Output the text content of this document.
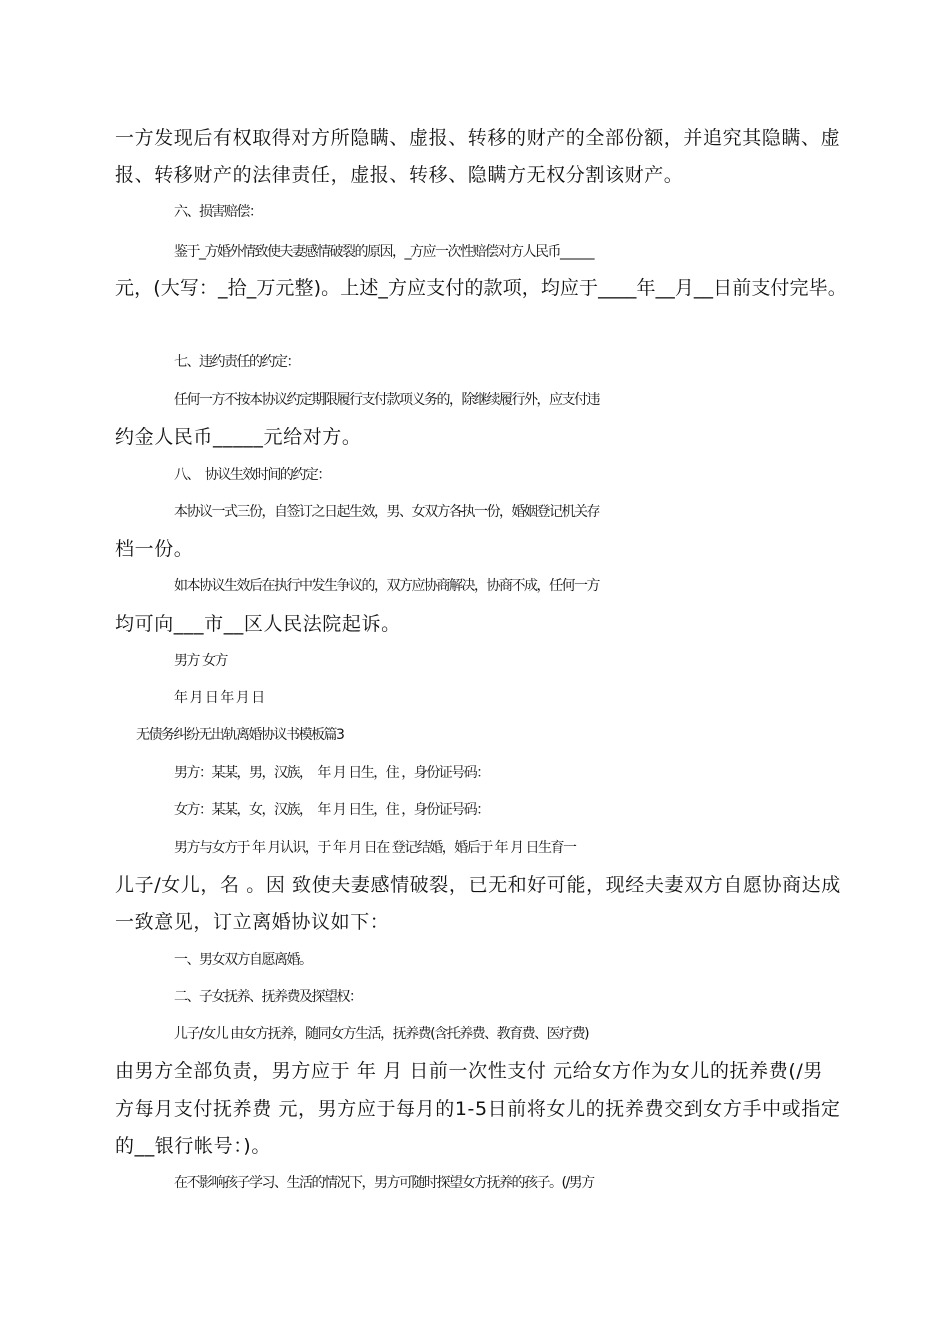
一方发现后有权取得对方所隐瞒、虚报、转移的财产的全部份额，并追究其隐瞒、虚
报、转移财产的法律责任，虚报、转移、隐瞒方无权分割该财产。
六、损害赔偿：
鉴于_方婚外情致使夫妻感情破裂的原因，_方应一次性赔偿对方人民币______
元，(大写：_拾_万元整)。上述_方应支付的款项，均应于____年__月__日前支付完毕。
七、违约责任的约定：
任何一方不按本协议约定期限履行支付款项义务的，除继续履行外，应支付违
约金人民币_____元给对方。
八、  协议生效时间的约定：
本协议一式三份，自签订之日起生效，男、女双方各执一份，婚姻登记机关存
档一份。
如本协议生效后在执行中发生争议的，双方应协商解决，协商不成，任何一方
均可向___市__区人民法院起诉。
男方 女方
年 月 日 年 月 日
无债务纠纷无出轨离婚协议书模板篇3
男方：某某，男，汉族，  年 月 日生，住 ，身份证号码：
女方：某某，女，汉族，  年 月 日生，住 ，身份证号码：
男方与女方于 年 月认识，于 年 月 日在 登记结婚，婚后于 年 月 日生育一
儿子/女儿，名 。因 致使夫妻感情破裂，已无和好可能，现经夫妻双方自愿协商达成
一致意见，订立离婚协议如下：
一、男女双方自愿离婚。
二、子女抚养、抚养费及探望权：
儿子/女儿 由女方抚养，随同女方生活，抚养费(含托养费、教育费、医疗费)
由男方全部负责，男方应于 年 月 日前一次性支付 元给女方作为女儿的抚养费(/男
方每月支付抚养费 元，男方应于每月的1-5日前将女儿的抚养费交到女方手中或指定
的__银行帐号：)。
在不影响孩子学习、生活的情况下，男方可随时探望女方抚养的孩子。(/男方
